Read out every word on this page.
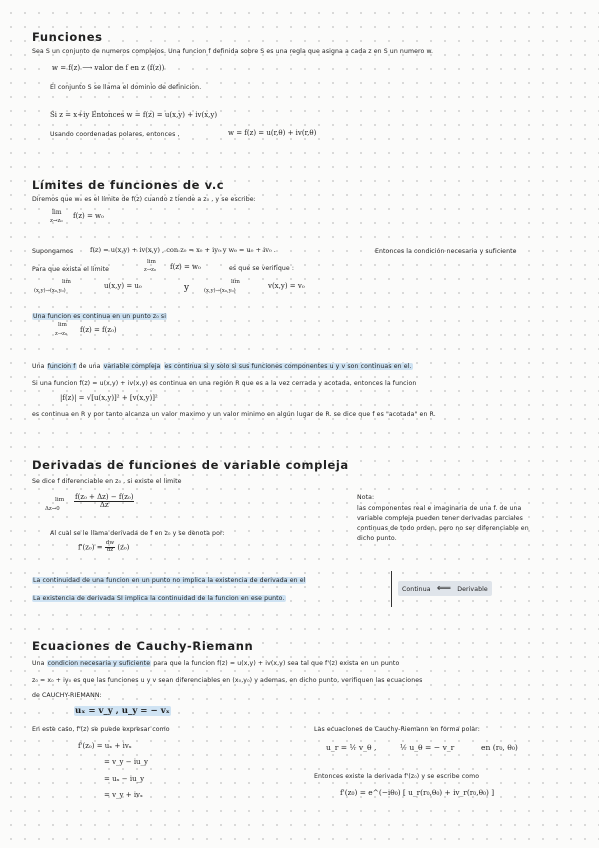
Funciones
Sea S un conjunto de numeros complejos. Una funcion f definida sobre S es una regla que asigna a cada z en S un numero w.
w = f(z) ⟶ valor de f en z (f(z))
El conjunto S se llama el dominio de definicion.
Si z = x+iy Entonces w = f(z) = u(x,y) + iv(x,y)
Usando coordenadas polares, entonces ,	w = f(z) = u(r,θ) + iv(r,θ)
Límites de funciones de v.c
Diremos que w₀ es el límite de f(z) cuando z tiende a z₀ , y se escribe:
lim
z→z₀
f(z) = w₀
Supongamos	f(z) = u(x,y) + iv(x,y) , con z₀ = x₀ + iy₀ y w₀ = u₀ + iv₀ .	Entonces la condición necesaria y suficiente
Para que exista el limite
lim
z→z₀ f(z) = w₀	es que se verifique :
lim
(x,y)→(x₀,y₀)
u(x,y) = u₀	y
lim
(x,y)→(x₀,y₀)
v(x,y) = v₀
Una funcion es continua en un punto z₀ si
lim
z→z₀ f(z) = f(z₀)
Una funcion f de una variable compleja es continua si y solo si sus funciones componentes u y v son continuas en el.
Si una funcion f(z) = u(x,y) + iv(x,y) es continua en una región R que es a la vez cerrada y acotada, entonces la funcion
|f(z)| = √[u(x,y)]² + [v(x,y)]²
es continua en R y por tanto alcanza un valor maximo y un valor minimo en algún lugar de R. se dice que f es "acotada" en R.
Derivadas de funciones de variable compleja
Se dice f diferenciable en z₀ , si existe el limite
lim
$\Delta z\to 0 \frac{\text{f(z₀ + Δz) − f(z₀)}}{\Delta z}$
Al cual se le llama derivada de f en z₀ y se denota por:
$f'(z_0) = \frac{dw}{dz} (z_0)$
Nota:
las componentes real e imaginaria de una f. de una
variable compleja pueden tener derivadas parciales
continuas de todo orden, pero no ser diferenciable en
dicho punto.
La continuidad de una funcion en un punto no implica la existencia de derivada en el
La existencia de derivada SI implica la continuidad de la funcion en ese punto.
Continua ⟸ Derivable
Ecuaciones de Cauchy-Riemann
Una condicion necesaria y suficiente para que la funcion f(z) = u(x,y) + iv(x,y) sea tal que f'(z) exista en un punto
z₀ = x₀ + iy₀ es que las funciones u y v sean diferenciables en (x₀,y₀) y ademas, en dicho punto, verifiquen las ecuaciones
de CAUCHY-RIEMANN:
uₓ = v_y , u_y = − vₓ
En este caso, f'(z) se puede expresar como
f'(z₀) = uₓ + ivₓ
= v_y − iu_y
= uₓ − iu_y
= v_y + ivₓ
Las ecuaciones de Cauchy-Riemann en forma polar:
u_r = ¹⁄ᵣ v_θ ,	¹⁄ᵣ u_θ = − v_r	en (r₀, θ₀)
Entonces existe la derivada f'(z₀) y se escribe como
f'(z₀) = e^(−iθ₀) [ u_r(r₀,θ₀) + iv_r(r₀,θ₀) ]
